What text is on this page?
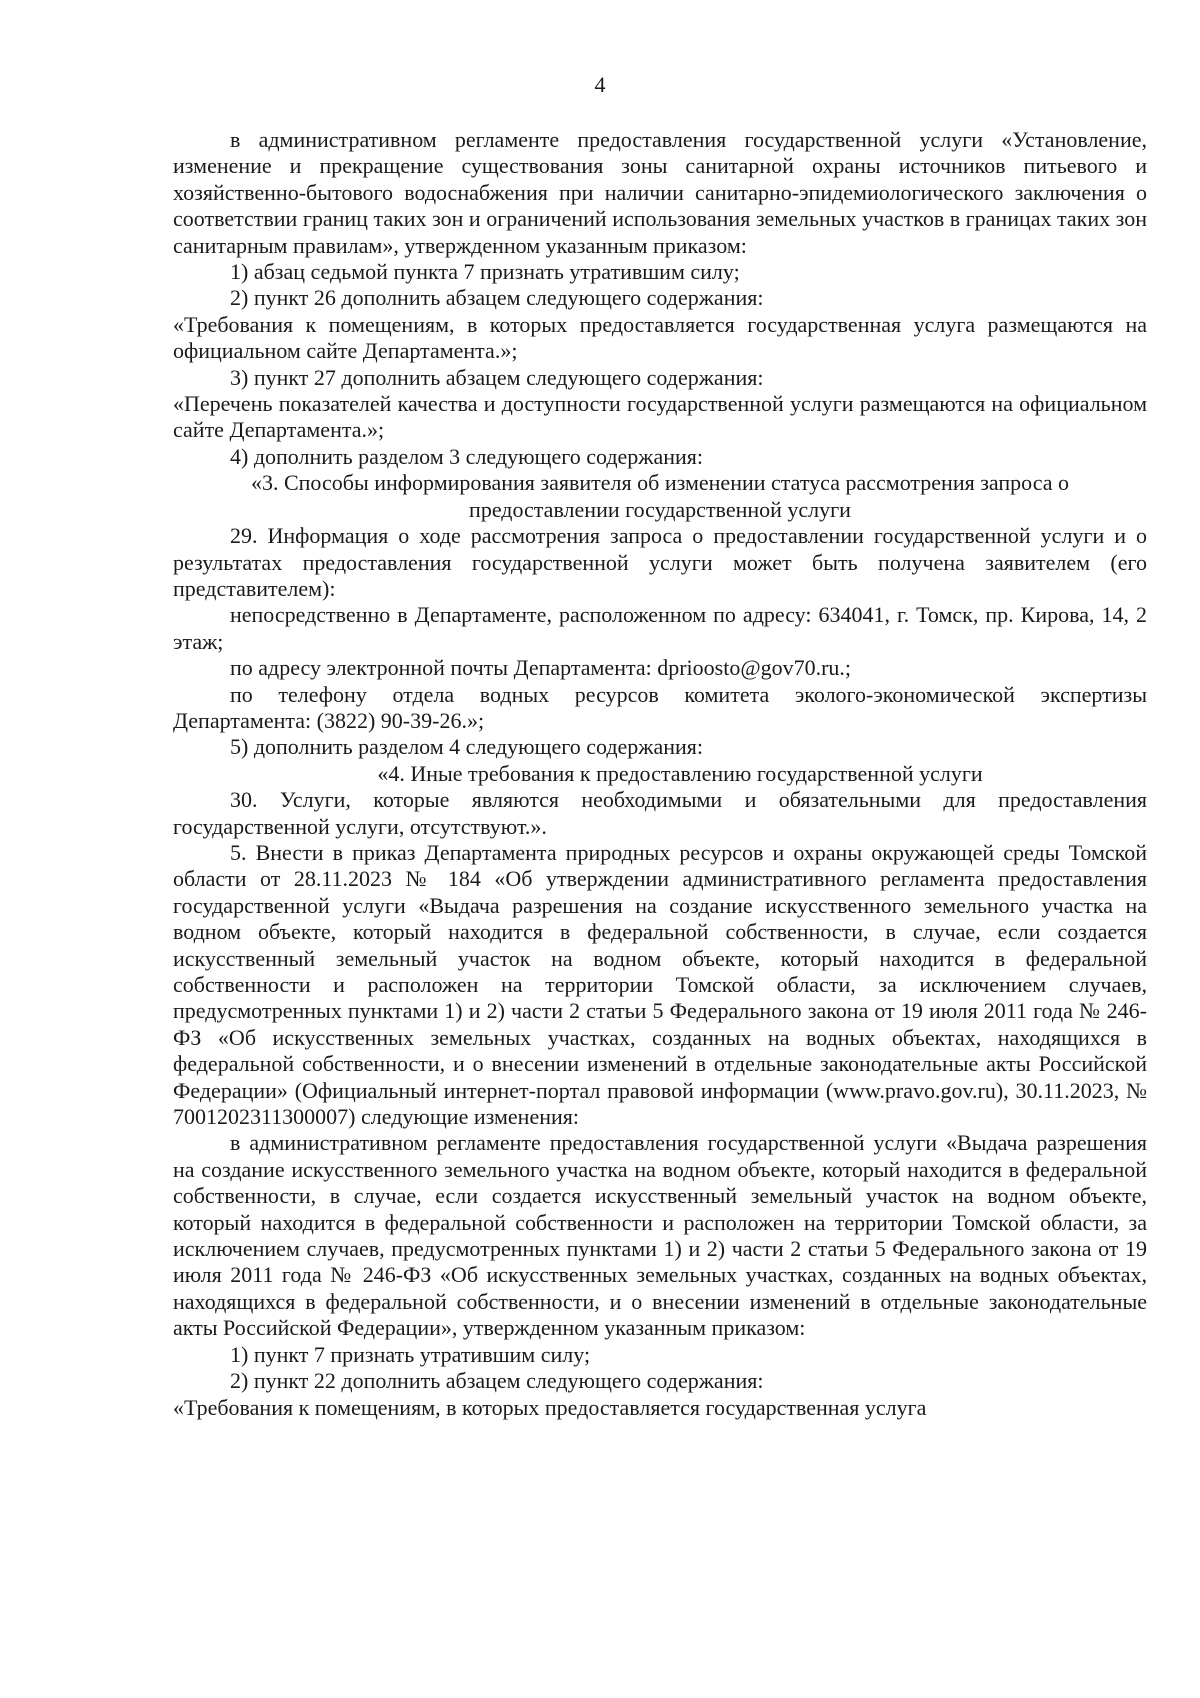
4

в административном регламенте предоставления государственной услуги «Установление, изменение и прекращение существования зоны санитарной охраны источников питьевого и хозяйственно-бытового водоснабжения при наличии санитарно-эпидемиологического заключения о соответствии границ таких зон и ограничений использования земельных участков в границах таких зон санитарным правилам», утвержденном указанным приказом:

1) абзац седьмой пункта 7 признать утратившим силу;

2) пункт 26 дополнить абзацем следующего содержания:

«Требования к помещениям, в которых предоставляется государственная услуга размещаются на официальном сайте Департамента.»;

3) пункт 27 дополнить абзацем следующего содержания:

«Перечень показателей качества и доступности государственной услуги размещаются на официальном сайте Департамента.»;

4) дополнить разделом 3 следующего содержания:

«3. Способы информирования заявителя об изменении статуса рассмотрения запроса о предоставлении государственной услуги

29. Информация о ходе рассмотрения запроса о предоставлении государственной услуги и о результатах предоставления государственной услуги может быть получена заявителем (его представителем):

непосредственно в Департаменте, расположенном по адресу: 634041, г. Томск, пр. Кирова, 14, 2 этаж;

по адресу электронной почты Департамента: dprioosto@gov70.ru.;

по телефону отдела водных ресурсов комитета эколого-экономической экспертизы Департамента: (3822) 90-39-26.»;

5) дополнить разделом 4 следующего содержания:

«4. Иные требования к предоставлению государственной услуги

30. Услуги, которые являются необходимыми и обязательными для предоставления государственной услуги, отсутствуют.».

5. Внести в приказ Департамента природных ресурсов и охраны окружающей среды Томской области от 28.11.2023 № 184 «Об утверждении административного регламента предоставления государственной услуги «Выдача разрешения на создание искусственного земельного участка на водном объекте, который находится в федеральной собственности, в случае, если создается искусственный земельный участок на водном объекте, который находится в федеральной собственности и расположен на территории Томской области, за исключением случаев, предусмотренных пунктами 1) и 2) части 2 статьи 5 Федерального закона от 19 июля 2011 года № 246-ФЗ «Об искусственных земельных участках, созданных на водных объектах, находящихся в федеральной собственности, и о внесении изменений в отдельные законодательные акты Российской Федерации» (Официальный интернет-портал правовой информации (www.pravo.gov.ru), 30.11.2023, № 7001202311300007) следующие изменения:

в административном регламенте предоставления государственной услуги «Выдача разрешения на создание искусственного земельного участка на водном объекте, который находится в федеральной собственности, в случае, если создается искусственный земельный участок на водном объекте, который находится в федеральной собственности и расположен на территории Томской области, за исключением случаев, предусмотренных пунктами 1) и 2) части 2 статьи 5 Федерального закона от 19 июля 2011 года № 246-ФЗ «Об искусственных земельных участках, созданных на водных объектах, находящихся в федеральной собственности, и о внесении изменений в отдельные законодательные акты Российской Федерации», утвержденном указанным приказом:

1) пункт 7 признать утратившим силу;

2) пункт 22 дополнить абзацем следующего содержания:

«Требования к помещениям, в которых предоставляется государственная услуга
